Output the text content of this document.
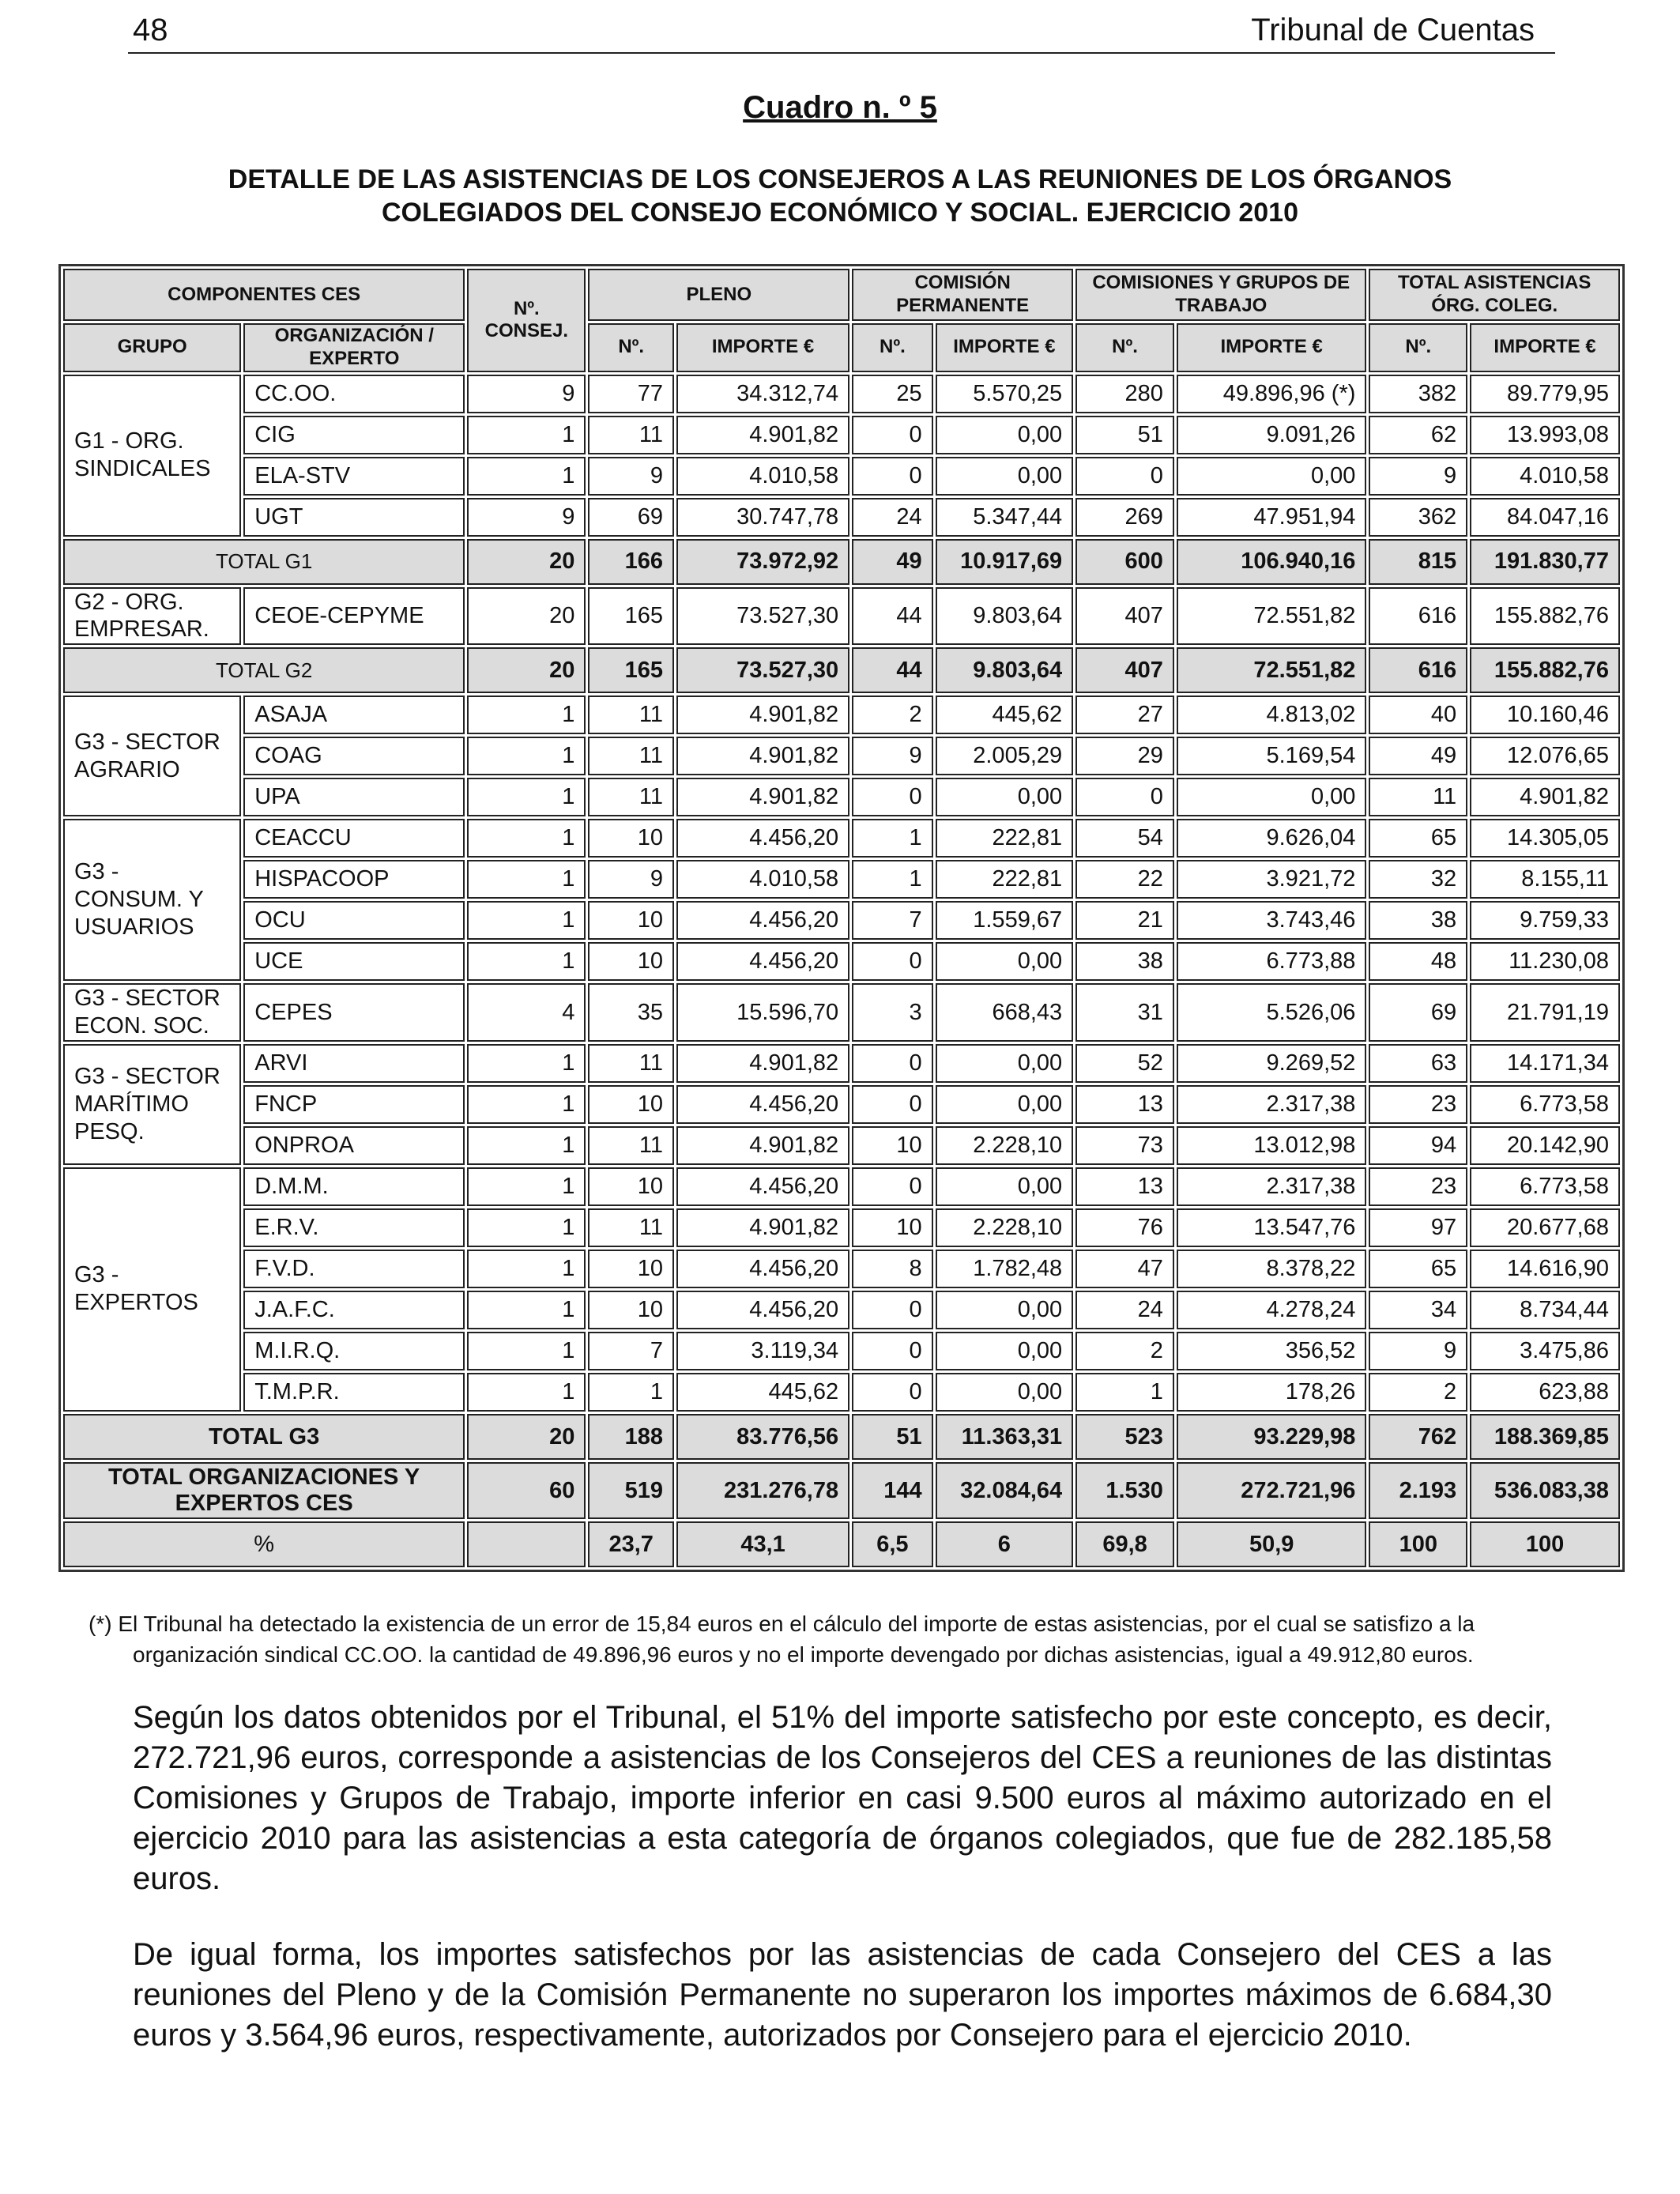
48	Tribunal de Cuentas
Cuadro n. º 5
DETALLE DE LAS ASISTENCIAS DE LOS CONSEJEROS A LAS REUNIONES DE LOS ÓRGANOS
COLEGIADOS DEL CONSEJO ECONÓMICO Y SOCIAL. EJERCICIO 2010
COMPONENTES CES		Nº. CONSEJ.	PLENO		COMISIÓN PERMANENTE		COMISIONES Y GRUPOS DE TRABAJO		TOTAL ASISTENCIAS ÓRG. COLEG.	
GRUPO	ORGANIZACIÓN / EXPERTO		Nº.	IMPORTE €	Nº.	IMPORTE €	Nº.	IMPORTE €	Nº.	IMPORTE €
G1 - ORG. SINDICALES	CC.OO.	9	77	34.312,74	25	5.570,25	280	49.896,96 (*)	382	89.779,95
	CIG	1	11	4.901,82	0	0,00	51	9.091,26	62	13.993,08
	ELA-STV	1	9	4.010,58	0	0,00	0	0,00	9	4.010,58
	UGT	9	69	30.747,78	24	5.347,44	269	47.951,94	362	84.047,16
TOTAL G1		20	166	73.972,92	49	10.917,69	600	106.940,16	815	191.830,77
G2 - ORG. EMPRESAR.	CEOE-CEPYME	20	165	73.527,30	44	9.803,64	407	72.551,82	616	155.882,76
TOTAL G2		20	165	73.527,30	44	9.803,64	407	72.551,82	616	155.882,76
G3 - SECTOR AGRARIO	ASAJA	1	11	4.901,82	2	445,62	27	4.813,02	40	10.160,46
	COAG	1	11	4.901,82	9	2.005,29	29	5.169,54	49	12.076,65
	UPA	1	11	4.901,82	0	0,00	0	0,00	11	4.901,82
G3 - CONSUM. Y USUARIOS	CEACCU	1	10	4.456,20	1	222,81	54	9.626,04	65	14.305,05
	HISPACOOP	1	9	4.010,58	1	222,81	22	3.921,72	32	8.155,11
	OCU	1	10	4.456,20	7	1.559,67	21	3.743,46	38	9.759,33
	UCE	1	10	4.456,20	0	0,00	38	6.773,88	48	11.230,08
G3 - SECTOR ECON. SOC.	CEPES	4	35	15.596,70	3	668,43	31	5.526,06	69	21.791,19
G3 - SECTOR MARÍTIMO PESQ.	ARVI	1	11	4.901,82	0	0,00	52	9.269,52	63	14.171,34
	FNCP	1	10	4.456,20	0	0,00	13	2.317,38	23	6.773,58
	ONPROA	1	11	4.901,82	10	2.228,10	73	13.012,98	94	20.142,90
G3 - EXPERTOS	D.M.M.	1	10	4.456,20	0	0,00	13	2.317,38	23	6.773,58
	E.R.V.	1	11	4.901,82	10	2.228,10	76	13.547,76	97	20.677,68
	F.V.D.	1	10	4.456,20	8	1.782,48	47	8.378,22	65	14.616,90
	J.A.F.C.	1	10	4.456,20	0	0,00	24	4.278,24	34	8.734,44
	M.I.R.Q.	1	7	3.119,34	0	0,00	2	356,52	9	3.475,86
	T.M.P.R.	1	1	445,62	0	0,00	1	178,26	2	623,88
TOTAL G3		20	188	83.776,56	51	11.363,31	523	93.229,98	762	188.369,85
TOTAL ORGANIZACIONES Y EXPERTOS CES		60	519	231.276,78	144	32.084,64	1.530	272.721,96	2.193	536.083,38
%			23,7	43,1	6,5	6	69,8	50,9	100	100
(*) El Tribunal ha detectado la existencia de un error de 15,84 euros en el cálculo del importe de estas asistencias, por el cual se satisfizo a la
organización sindical CC.OO. la cantidad de 49.896,96 euros y no el importe devengado por dichas asistencias, igual a 49.912,80 euros.
Según los datos obtenidos por el Tribunal, el 51% del importe satisfecho por este concepto, es decir, 272.721,96 euros, corresponde a asistencias de los Consejeros del CES a reuniones de las distintas Comisiones y Grupos de Trabajo, importe inferior en casi 9.500 euros al máximo autorizado en el ejercicio 2010 para las asistencias a esta categoría de órganos colegiados, que fue de 282.185,58 euros.
De igual forma, los importes satisfechos por las asistencias de cada Consejero del CES a las reuniones del Pleno y de la Comisión Permanente no superaron los importes máximos de 6.684,30 euros y 3.564,96 euros, respectivamente, autorizados por Consejero para el ejercicio 2010.
